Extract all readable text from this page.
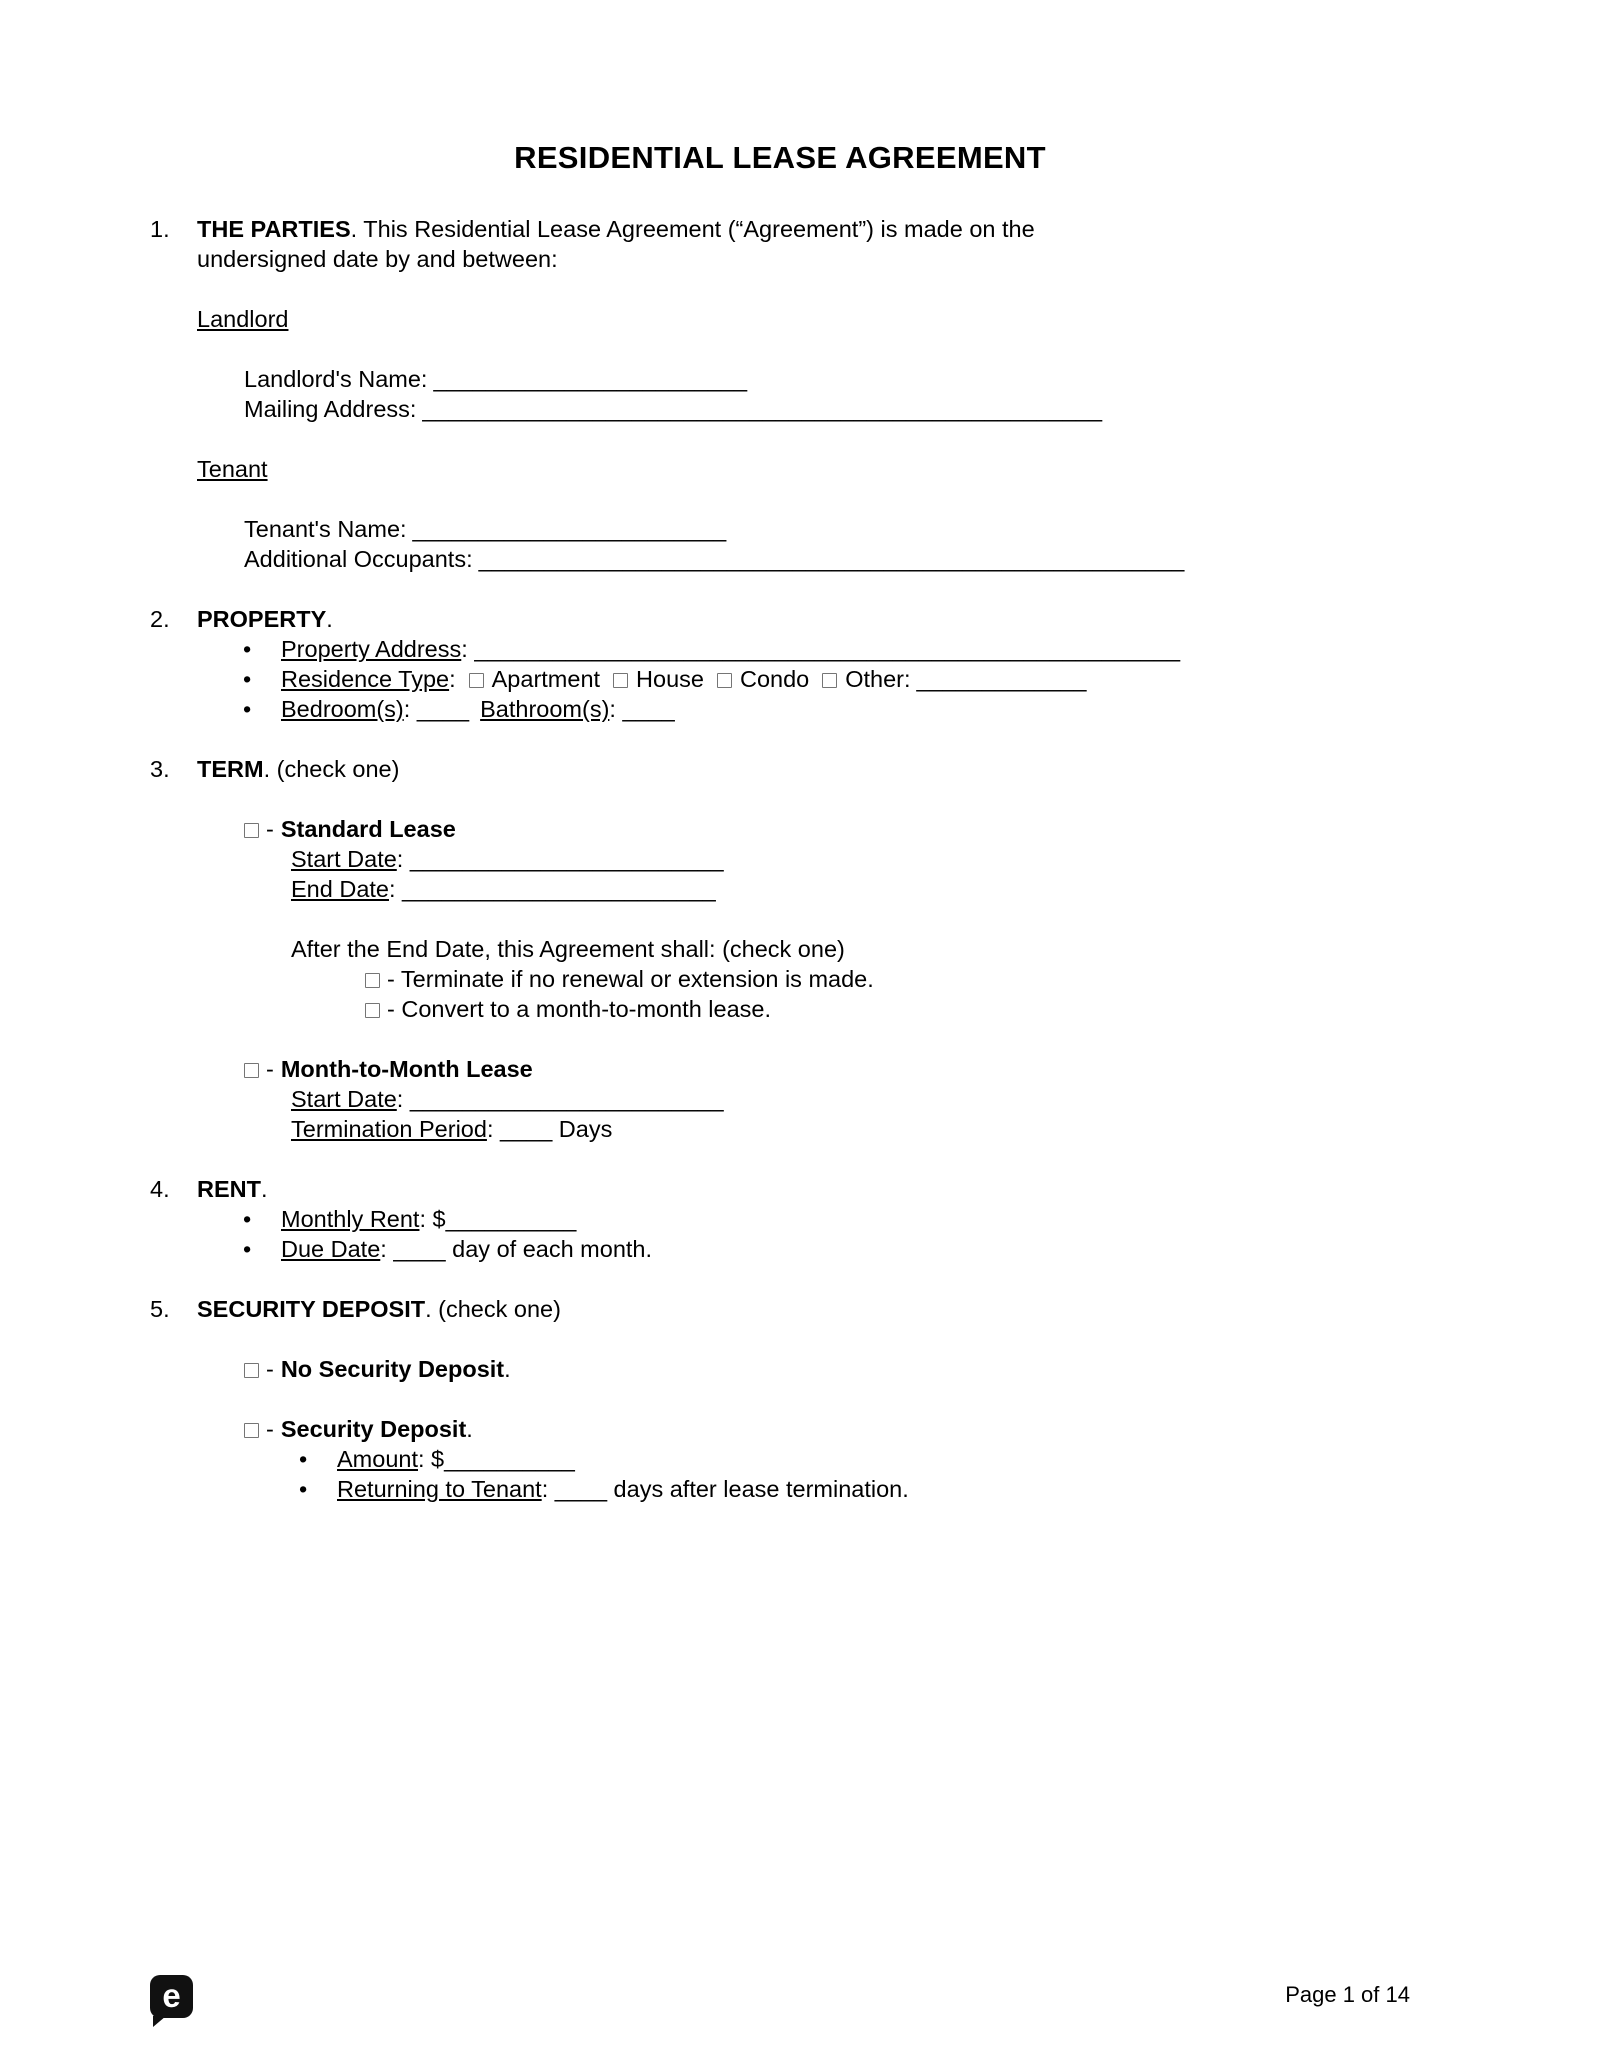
RESIDENTIAL LEASE AGREEMENT
1.	THE PARTIES. This Residential Lease Agreement (“Agreement”) is made on the undersigned date by and between:

Landlord

Landlord's Name: ________________________
Mailing Address: ____________________________________________________

Tenant

Tenant's Name: ________________________
Additional Occupants: ______________________________________________________
2.	PROPERTY.

• Property Address: ______________________________________________________
• Residence Type: Apartment House Condo Other: _____________
• Bedroom(s): ____ Bathroom(s): ____
3.	TERM. (check one)

- Standard Lease
Start Date: ________________________
End Date: ________________________
After the End Date, this Agreement shall: (check one)
- Terminate if no renewal or extension is made.
- Convert to a month-to-month lease.
- Month-to-Month Lease
Start Date: ________________________
Termination Period: ____ Days
4.	RENT.

• Monthly Rent: $__________
• Due Date: ____ day of each month.
5.	SECURITY DEPOSIT. (check one)

- No Security Deposit.
- Security Deposit.
• Amount: $__________
• Returning to Tenant: ____ days after lease termination.
e	Page 1 of 14
